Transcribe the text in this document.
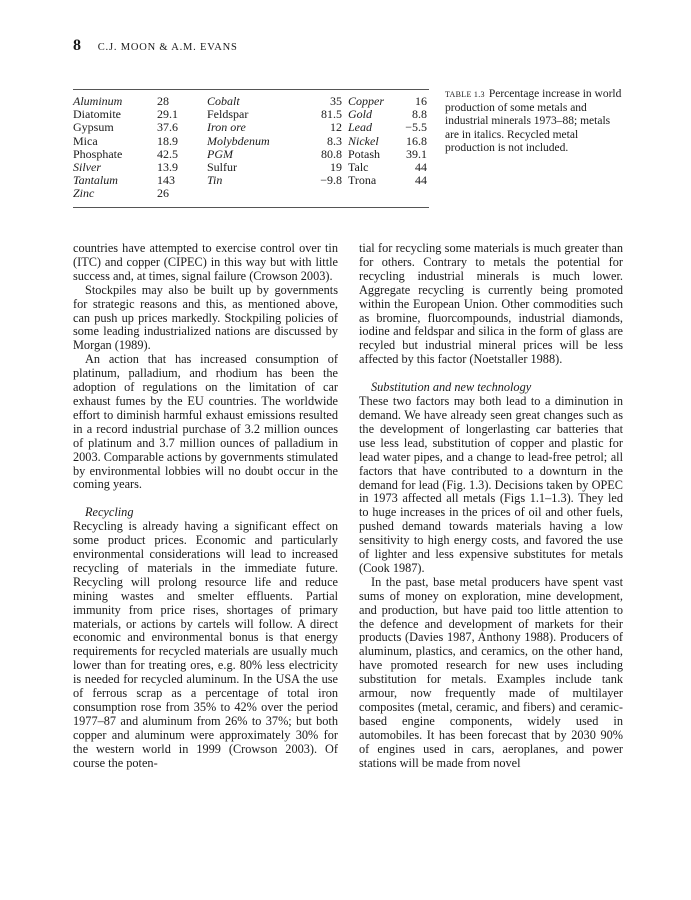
8 C.J. MOON & A.M. EVANS
Aluminum	28	Cobalt	35	Copper	16
Diatomite	29.1	Feldspar	81.5	Gold	8.8
Gypsum	37.6	Iron ore	12	Lead	−5.5
Mica	18.9	Molybdenum	8.3	Nickel	16.8
Phosphate	42.5	PGM	80.8	Potash	39.1
Silver	13.9	Sulfur	19	Talc	44
Tantalum	143	Tin	−9.8	Trona	44
Zinc	26				
TABLE 1.3 Percentage increase in world production of some metals and industrial minerals 1973–88; metals are in italics. Recycled metal production is not included.

countries have attempted to exercise control over tin (ITC) and copper (CIPEC) in this way but with little success and, at times, signal failure (Crowson 2003).

Stockpiles may also be built up by governments for strategic reasons and this, as mentioned above, can push up prices markedly. Stockpiling policies of some leading industrialized nations are discussed by Morgan (1989).

An action that has increased consumption of platinum, palladium, and rhodium has been the adoption of regulations on the limitation of car exhaust fumes by the EU countries. The worldwide effort to diminish harmful exhaust emissions resulted in a record industrial purchase of 3.2 million ounces of platinum and 3.7 million ounces of palladium in 2003. Comparable actions by governments stimulated by environmental lobbies will no doubt occur in the coming years.

Recycling

Recycling is already having a significant effect on some product prices. Economic and particularly environmental considerations will lead to increased recycling of materials in the immediate future. Recycling will prolong resource life and reduce mining wastes and smelter effluents. Partial immunity from price rises, shortages of primary materials, or actions by cartels will follow. A direct economic and environmental bonus is that energy requirements for recycled materials are usually much lower than for treating ores, e.g. 80% less electricity is needed for recycled aluminum. In the USA the use of ferrous scrap as a percentage of total iron consumption rose from 35% to 42% over the period 1977–87 and aluminum from 26% to 37%; but both copper and aluminum were approximately 30% for the western world in 1999 (Crowson 2003). Of course the poten-

tial for recycling some materials is much greater than for others. Contrary to metals the potential for recycling industrial minerals is much lower. Aggregate recycling is currently being promoted within the European Union. Other commodities such as bromine, fluorcompounds, industrial diamonds, iodine and feldspar and silica in the form of glass are recyled but industrial mineral prices will be less affected by this factor (Noetstaller 1988).

Substitution and new technology

These two factors may both lead to a diminution in demand. We have already seen great changes such as the development of longerlasting car batteries that use less lead, substitution of copper and plastic for lead water pipes, and a change to lead-free petrol; all factors that have contributed to a downturn in the demand for lead (Fig. 1.3). Decisions taken by OPEC in 1973 affected all metals (Figs 1.1–1.3). They led to huge increases in the prices of oil and other fuels, pushed demand towards materials having a low sensitivity to high energy costs, and favored the use of lighter and less expensive substitutes for metals (Cook 1987).

In the past, base metal producers have spent vast sums of money on exploration, mine development, and production, but have paid too little attention to the defence and development of markets for their products (Davies 1987, Anthony 1988). Producers of aluminum, plastics, and ceramics, on the other hand, have promoted research for new uses including substitution for metals. Examples include tank armour, now frequently made of multilayer composites (metal, ceramic, and fibers) and ceramic-based engine components, widely used in automobiles. It has been forecast that by 2030 90% of engines used in cars, aeroplanes, and power stations will be made from novel
